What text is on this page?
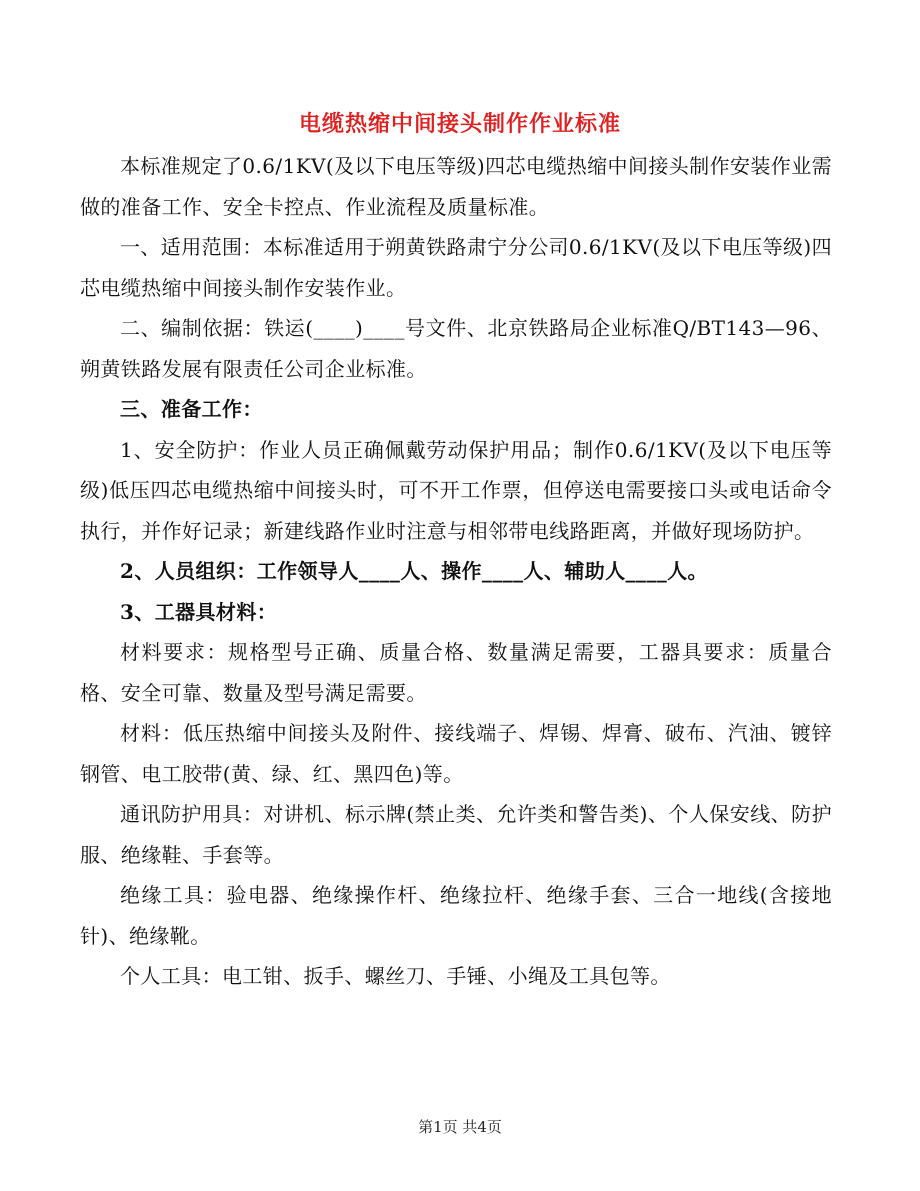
电缆热缩中间接头制作作业标准

本标准规定了0.6/1KV(及以下电压等级)四芯电缆热缩中间接头制作安装作业需做的准备工作、安全卡控点、作业流程及质量标准。

一、适用范围：本标准适用于朔黄铁路肃宁分公司0.6/1KV(及以下电压等级)四芯电缆热缩中间接头制作安装作业。

二、编制依据：铁运(____)____号文件、北京铁路局企业标准Q/BT143—96、朔黄铁路发展有限责任公司企业标准。

三、准备工作：

1、安全防护：作业人员正确佩戴劳动保护用品；制作0.6/1KV(及以下电压等级)低压四芯电缆热缩中间接头时，可不开工作票，但停送电需要接口头或电话命令执行，并作好记录；新建线路作业时注意与相邻带电线路距离，并做好现场防护。

2、人员组织：工作领导人____人、操作____人、辅助人____人。

3、工器具材料：

材料要求：规格型号正确、质量合格、数量满足需要，工器具要求：质量合格、安全可靠、数量及型号满足需要。

材料：低压热缩中间接头及附件、接线端子、焊锡、焊膏、破布、汽油、镀锌钢管、电工胶带(黄、绿、红、黑四色)等。

通讯防护用具：对讲机、标示牌(禁止类、允许类和警告类)、个人保安线、防护服、绝缘鞋、手套等。

绝缘工具：验电器、绝缘操作杆、绝缘拉杆、绝缘手套、三合一地线(含接地针)、绝缘靴。

个人工具：电工钳、扳手、螺丝刀、手锤、小绳及工具包等。

第1页 共4页
